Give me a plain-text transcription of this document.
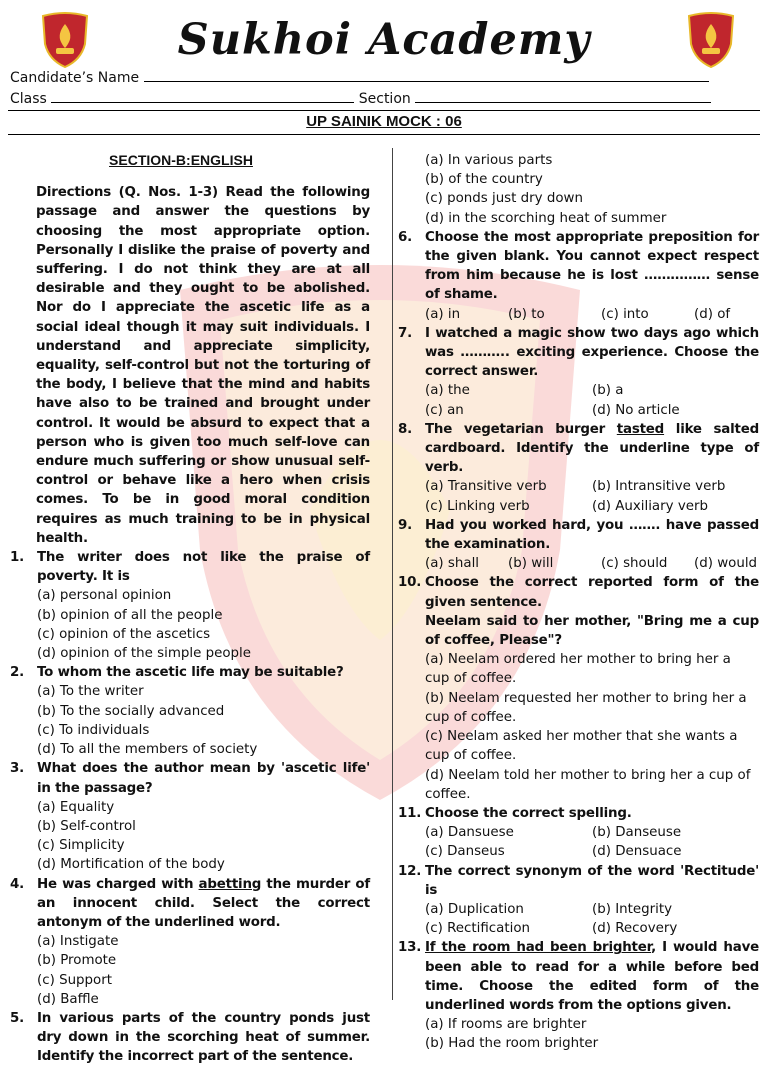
Sukhoi Academy
Candidate’s Name
Class	Section
UP SAINIK MOCK : 06
SECTION-B:ENGLISH
Directions (Q. Nos. 1-3) Read the following passage and answer the questions by choosing the most appropriate option. Personally I dislike the praise of poverty and suffering. I do not think they are at all desirable and they ought to be abolished. Nor do I appreciate the ascetic life as a social ideal though it may suit individuals. I understand and appreciate simplicity, equality, self-control but not the torturing of the body, I believe that the mind and habits have also to be trained and brought under control. It would be absurd to expect that a person who is given too much self-love can endure much suffering or show unusual self-control or behave like a hero when crisis comes. To be in good moral condition requires as much training to be in physical health.
1. The writer does not like the praise of poverty. It is
(a) personal opinion
(b) opinion of all the people
(c) opinion of the ascetics
(d) opinion of the simple people
2. To whom the ascetic life may be suitable?
(a) To the writer
(b) To the socially advanced
(c) To individuals
(d) To all the members of society
3. What does the author mean by 'ascetic life' in the passage?
(a) Equality
(b) Self-control
(c) Simplicity
(d) Mortification of the body
4. He was charged with abetting the murder of an innocent child. Select the correct antonym of the underlined word.
(a) Instigate
(b) Promote
(c) Support
(d) Baffle
5. In various parts of the country ponds just dry down in the scorching heat of summer. Identify the incorrect part of the sentence.
(a) In various parts
(b) of the country
(c) ponds just dry down
(d) in the scorching heat of summer
6. Choose the most appropriate preposition for the given blank. You cannot expect respect from him because he is lost …………… sense of shame.
(a) in	(b) to	(c) into	(d) of
7. I watched a magic show two days ago which was ……….. exciting experience. Choose the correct answer.
(a) the	(b) a
(c) an	(d) No article
8. The vegetarian burger tasted like salted cardboard. Identify the underline type of verb.
(a) Transitive verb	(b) Intransitive verb
(c) Linking verb	(d) Auxiliary verb
9. Had you worked hard, you ……. have passed the examination.
(a) shall	(b) will	(c) should	(d) would
10. Choose the correct reported form of the given sentence.
Neelam said to her mother, "Bring me a cup of coffee, Please"?
(a) Neelam ordered her mother to bring her a cup of coffee.
(b) Neelam requested her mother to bring her a cup of coffee.
(c) Neelam asked her mother that she wants a cup of coffee.
(d) Neelam told her mother to bring her a cup of coffee.
11. Choose the correct spelling.
(a) Dansuese	(b) Danseuse
(c) Danseus	(d) Densuace
12. The correct synonym of the word 'Rectitude' is
(a) Duplication	(b) Integrity
(c) Rectification	(d) Recovery
13. If the room had been brighter, I would have been able to read for a while before bed time. Choose the edited form of the underlined words from the options given.
(a) If rooms are brighter
(b) Had the room brighter
